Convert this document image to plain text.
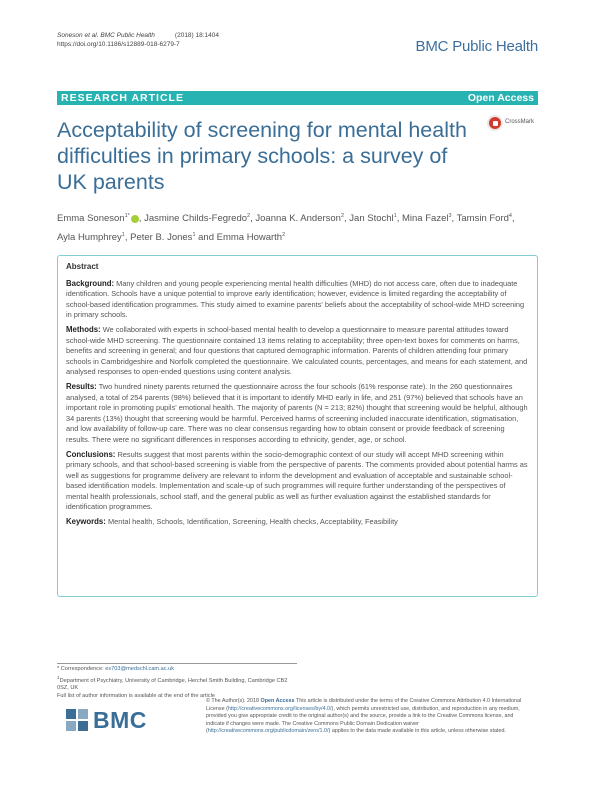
Soneson et al. BMC Public Health	(2018) 18:1404
https://doi.org/10.1186/s12889-018-6279-7	BMC Public Health
RESEARCH ARTICLE	Open Access
Acceptability of screening for mental health difficulties in primary schools: a survey of UK parents
CrossMark
Emma Soneson$^{1*}$ , Jasmine Childs-Fegredo$^2$, Joanna K. Anderson$^2$, Jan Stochl$^1$, Mina Fazel$^3$, Tamsin Ford$^4$, Ayla Humphrey$^1$, Peter B. Jones$^1$ and Emma Howarth$^2$
Abstract

Background: Many children and young people experiencing mental health difficulties (MHD) do not access care, often due to inadequate identification. Schools have a unique potential to improve early identification; however, evidence is limited regarding the acceptability of school-based identification programmes. This study aimed to examine parents' beliefs about the acceptability of school-wide MHD screening in primary schools.

Methods: We collaborated with experts in school-based mental health to develop a questionnaire to measure parental attitudes toward school-wide MHD screening. The questionnaire contained 13 items relating to acceptability; three open-text boxes for comments on harms, benefits and screening in general; and four questions that captured demographic information. Parents of children attending four primary schools in Cambridgeshire and Norfolk completed the questionnaire. We calculated counts, percentages, and means for each statement, and analysed responses to open-ended questions using content analysis.

Results: Two hundred ninety parents returned the questionnaire across the four schools (61% response rate). In the 260 questionnaires analysed, a total of 254 parents (98%) believed that it is important to identify MHD early in life, and 251 (97%) believed that schools have an important role in promoting pupils' emotional health. The majority of parents (N = 213; 82%) thought that screening would be helpful, although 34 parents (13%) thought that screening would be harmful. Perceived harms of screening included inaccurate identification, stigmatisation, and low availability of follow-up care. There was no clear consensus regarding how to obtain consent or provide feedback of screening results. There were no significant differences in responses according to ethnicity, gender, age, or school.

Conclusions: Results suggest that most parents within the socio-demographic context of our study will accept MHD screening within primary schools, and that school-based screening is viable from the perspective of parents. The comments provided about potential harms as well as suggestions for programme delivery are relevant to inform the development and evaluation of acceptable and sustainable school-based identification models. Implementation and scale-up of such programmes will require further understanding of the perspectives of mental health professionals, school staff, and the general public as well as further evaluation against the established standards for identification programmes.

Keywords: Mental health, Schools, Identification, Screening, Health checks, Acceptability, Feasibility

* Correspondence: es703@medschl.cam.ac.uk
$^1$Department of Psychiatry, University of Cambridge, Herchel Smith Building, Cambridge CB2 0SZ, UK
Full list of author information is available at the end of the article
BMC
© The Author(s). 2018 Open Access This article is distributed under the terms of the Creative Commons Attribution 4.0 International License (http://creativecommons.org/licenses/by/4.0/), which permits unrestricted use, distribution, and reproduction in any medium, provided you give appropriate credit to the original author(s) and the source, provide a link to the Creative Commons license, and indicate if changes were made. The Creative Commons Public Domain Dedication waiver (http://creativecommons.org/publicdomain/zero/1.0/) applies to the data made available in this article, unless otherwise stated.
